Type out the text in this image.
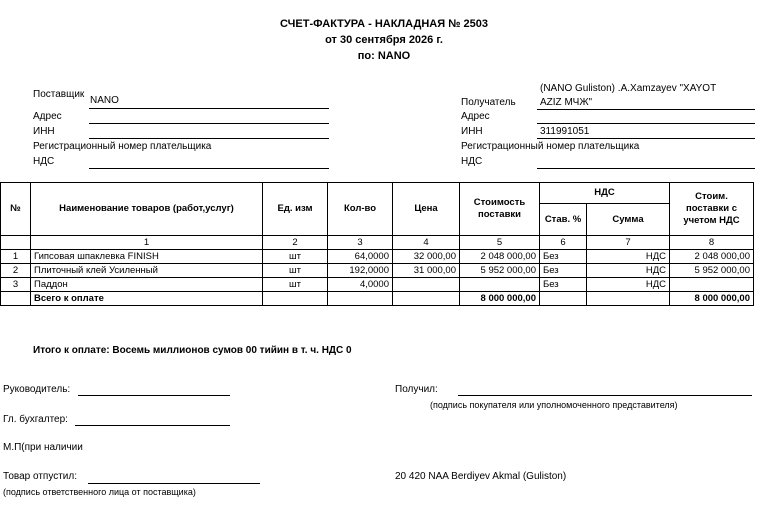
СЧЕТ-ФАКТУРА - НАКЛАДНАЯ № 2503
от 30 сентября 2026 г.
по: NANO
Поставщик
NANO
Адрес
ИНН
Регистрационный номер плательщика
НДС
(NANO Guliston) .A.Xamzayev "XAYOT
Получатель AZIZ МЧЖ"
Адрес
ИНН	311991051
Регистрационный номер плательщика
НДС
№	Наименование товаров (работ,услуг)	Ед. изм	Кол-во	Цена	Стоимость поставки	НДС		Стоим. поставки с учетом НДС
						Став. %	Сумма	
	1	2	3	4	5	6	7	8
1	Гипсовая шпаклевка FINISH	шт	64,0000	32 000,00	2 048 000,00	Без	НДС	2 048 000,00
2	Плиточный клей Усиленный	шт	192,0000	31 000,00	5 952 000,00	Без	НДС	5 952 000,00
3	Паддон	шт	4,0000			Без	НДС	
	Всего к оплате				8 000 000,00			8 000 000,00
Итого к оплате: Восемь миллионов сумов 00 тийин в т. ч. НДС 0
Руководитель:	Получил:
(подпись покупателя или уполномоченного представителя)
Гл. бухгалтер:
М.П(при наличии
Товар отпустил:
(подпись ответственного лица от поставщика)
20 420 NAA Berdiyev Akmal (Guliston)
